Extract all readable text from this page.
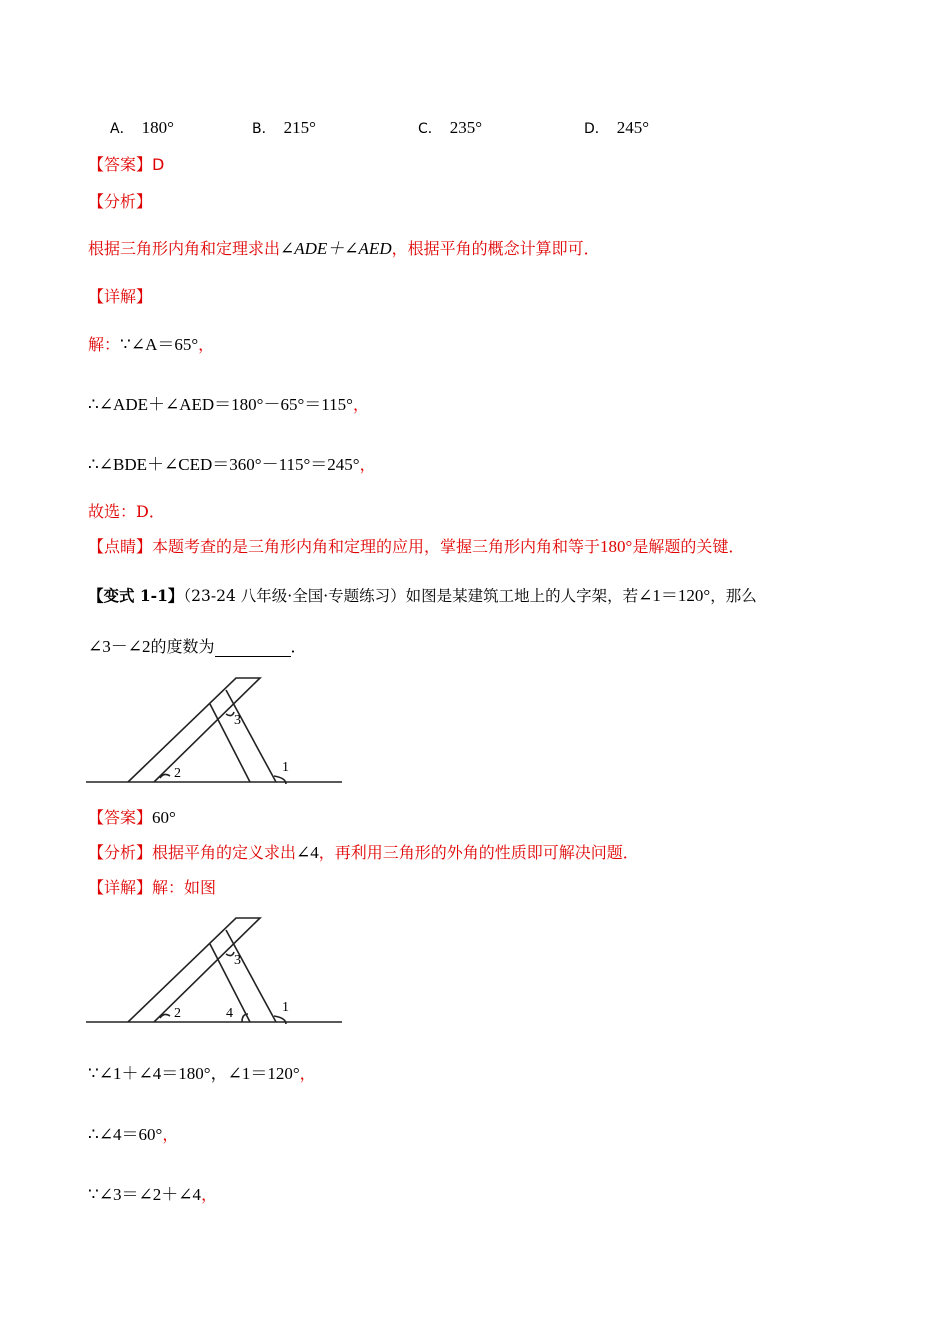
A． 180°	B． 215°	C． 235°	D． 245°
【答案】D
【分析】
根据三角形内角和定理求出∠ADE＋∠AED，根据平角的概念计算即可．
【详解】
解：∵∠A＝65°，
∴∠ADE＋∠AED＝180°－65°＝115°，
∴∠BDE＋∠CED＝360°－115°＝245°，
故选：D．
【点睛】本题考查的是三角形内角和定理的应用，掌握三角形内角和等于180°是解题的关键．
【变式 1-1】（23-24 八年级·全国·专题练习）如图是某建筑工地上的人字架，若∠1＝120°，那么
∠3－∠2的度数为	．
3
2	1
【答案】60°
【分析】根据平角的定义求出∠4，再利用三角形的外角的性质即可解决问题．
【详解】解：如图
3
2	4	1
∵∠1＋∠4＝180°，∠1＝120°，
∴∠4＝60°，
∵∠3＝∠2＋∠4，
